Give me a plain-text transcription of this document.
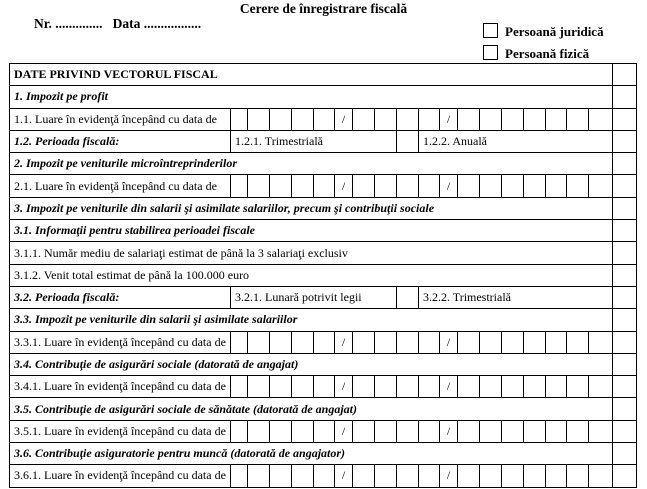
Cerere de înregistrare fiscală
Nr. ..............   Data .................
Persoană juridică
Persoană fizică
DATE PRIVIND VECTORUL FISCAL																			
1. Impozit pe profit																			
1.1. Luare în evidenţă începând cu data de						/					/								
1.2. Perioada fiscală:	1.2.1. Trimestrială									1.2.2. Anuală									
2. Impozit pe veniturile microîntreprinderilor																			
2.1. Luare în evidenţă începând cu data de						/					/								
3. Impozit pe veniturile din salarii şi asimilate salariilor, precum şi contribuţii sociale																			
3.1. Informaţii pentru stabilirea perioadei fiscale																			
3.1.1. Număr mediu de salariaţi estimat de până la 3 salariaţi exclusiv																			
3.1.2. Venit total estimat de până la 100.000 euro																			
3.2. Perioada fiscală:	3.2.1. Lunară potrivit legii									3.2.2. Trimestrială									
3.3. Impozit pe veniturile din salarii şi asimilate salariilor																			
3.3.1. Luare în evidenţă începând cu data de						/					/								
3.4. Contribuţie de asigurări sociale (datorată de angajat)																			
3.4.1. Luare în evidenţă începând cu data de						/					/								
3.5. Contribuţie de asigurări sociale de sănătate (datorată de angajat)																			
3.5.1. Luare în evidenţă începând cu data de						/					/								
3.6. Contribuţie asiguratorie pentru muncă (datorată de angajator)																			
3.6.1. Luare în evidenţă începând cu data de						/					/								
